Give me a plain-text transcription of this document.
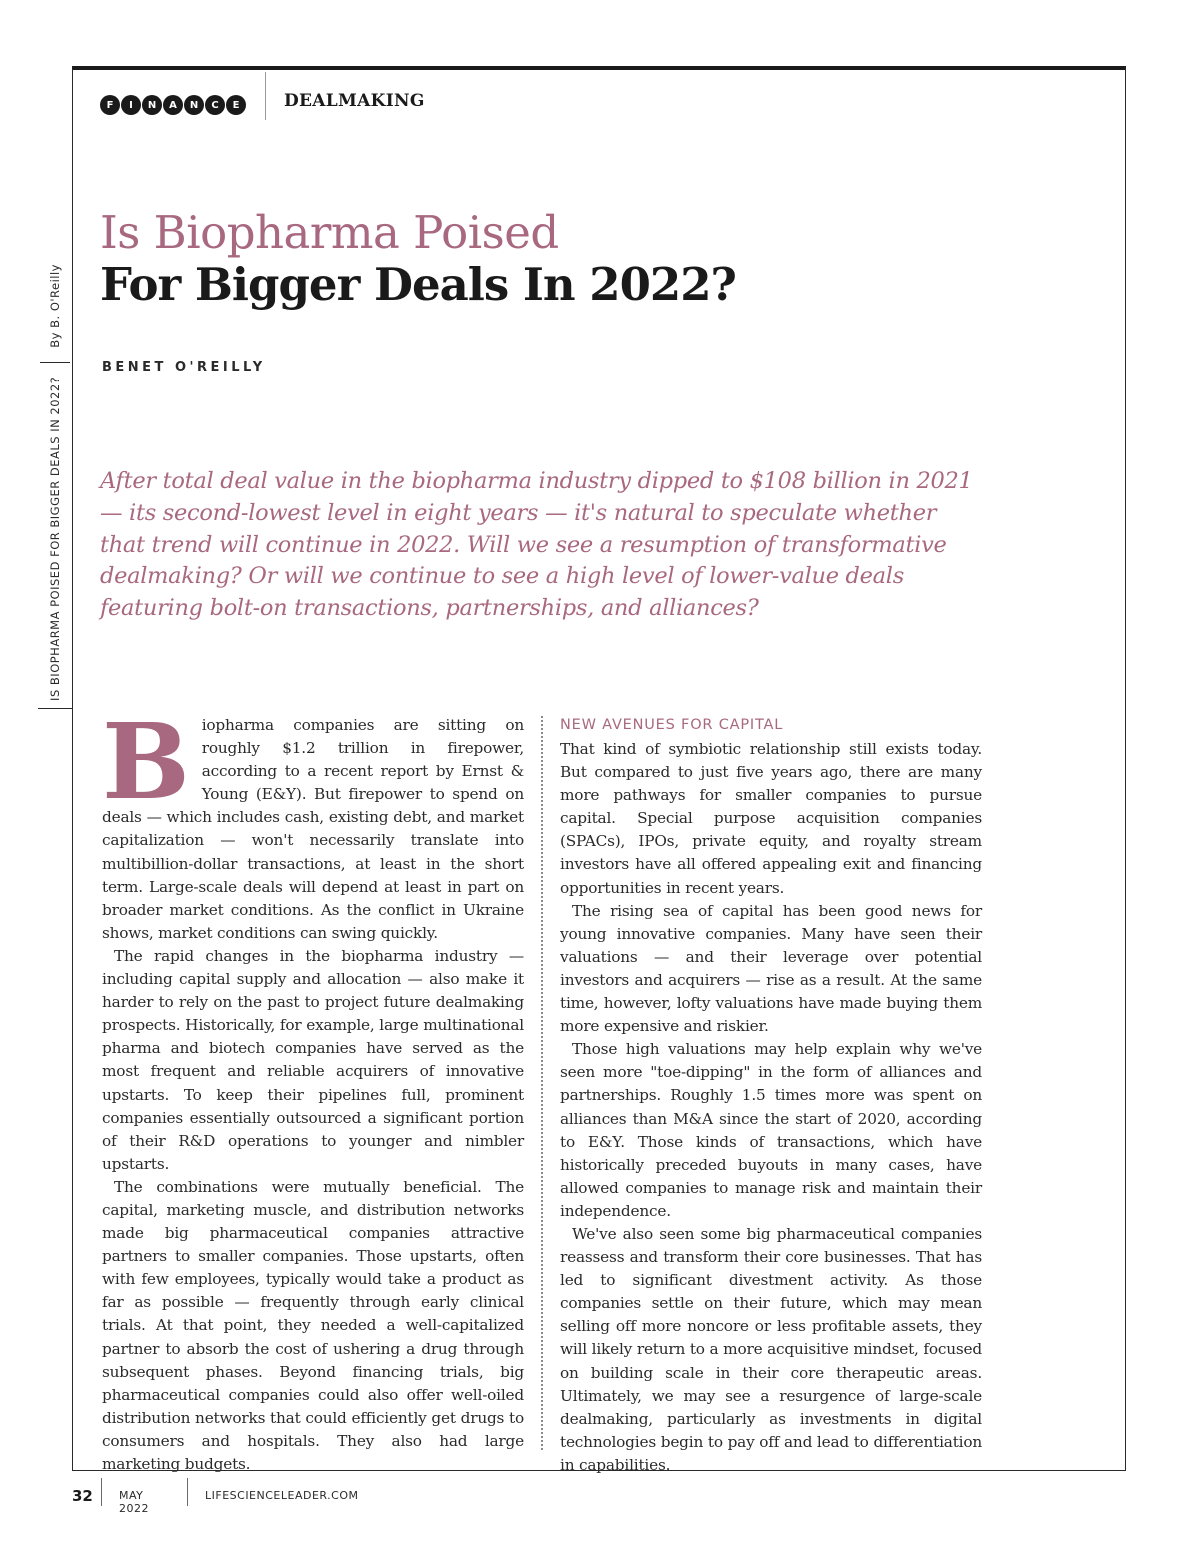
IS BIOPHARMA POISED FOR BIGGER DEALS IN 2022?
By B. O'Reilly
F	I	N	A	N	C	E	DEALMAKING
Is Biopharma Poised
For Bigger Deals In 2022?
BENET O'REILLY
After total deal value in the biopharma industry dipped to $108 billion in 2021 — its second-lowest level in eight years — it's natural to speculate whether that trend will continue in 2022. Will we see a resumption of transformative dealmaking? Or will we continue to see a high level of lower-value deals featuring bolt-on transactions, partnerships, and alliances?
B iopharma companies are sitting on roughly $1.2 trillion in firepower, according to a recent report by Ernst & Young (E&Y). But firepower to spend on deals — which includes cash, existing debt, and market capitalization — won't necessarily translate into multibillion-dollar transactions, at least in the short term. Large-scale deals will depend at least in part on broader market conditions. As the conflict in Ukraine shows, market conditions can swing quickly.

The rapid changes in the biopharma industry — including capital supply and allocation — also make it harder to rely on the past to project future dealmaking prospects. Historically, for example, large multinational pharma and biotech companies have served as the most frequent and reliable acquirers of innovative upstarts. To keep their pipelines full, prominent companies essentially outsourced a significant portion of their R&D operations to younger and nimbler upstarts.

The combinations were mutually beneficial. The capital, marketing muscle, and distribution networks made big pharmaceutical companies attractive partners to smaller companies. Those upstarts, often with few employees, typically would take a product as far as possible — frequently through early clinical trials. At that point, they needed a well-capitalized partner to absorb the cost of ushering a drug through subsequent phases. Beyond financing trials, big pharmaceutical companies could also offer well-oiled distribution networks that could efficiently get drugs to consumers and hospitals. They also had large marketing budgets.

NEW AVENUES FOR CAPITAL

That kind of symbiotic relationship still exists today. But compared to just five years ago, there are many more pathways for smaller companies to pursue capital. Special purpose acquisition companies (SPACs), IPOs, private equity, and royalty stream investors have all offered appealing exit and financing opportunities in recent years.

The rising sea of capital has been good news for young innovative companies. Many have seen their valuations — and their leverage over potential investors and acquirers — rise as a result. At the same time, however, lofty valuations have made buying them more expensive and riskier.

Those high valuations may help explain why we've seen more "toe-dipping" in the form of alliances and partnerships. Roughly 1.5 times more was spent on alliances than M&A since the start of 2020, according to E&Y. Those kinds of transactions, which have historically preceded buyouts in many cases, have allowed companies to manage risk and maintain their independence.

We've also seen some big pharmaceutical companies reassess and transform their core businesses. That has led to significant divestment activity. As those companies settle on their future, which may mean selling off more noncore or less profitable assets, they will likely return to a more acquisitive mindset, focused on building scale in their core therapeutic areas. Ultimately, we may see a resurgence of large-scale dealmaking, particularly as investments in digital technologies begin to pay off and lead to differentiation in capabilities.

32 MAY 2022
LIFESCIENCELEADER.COM
